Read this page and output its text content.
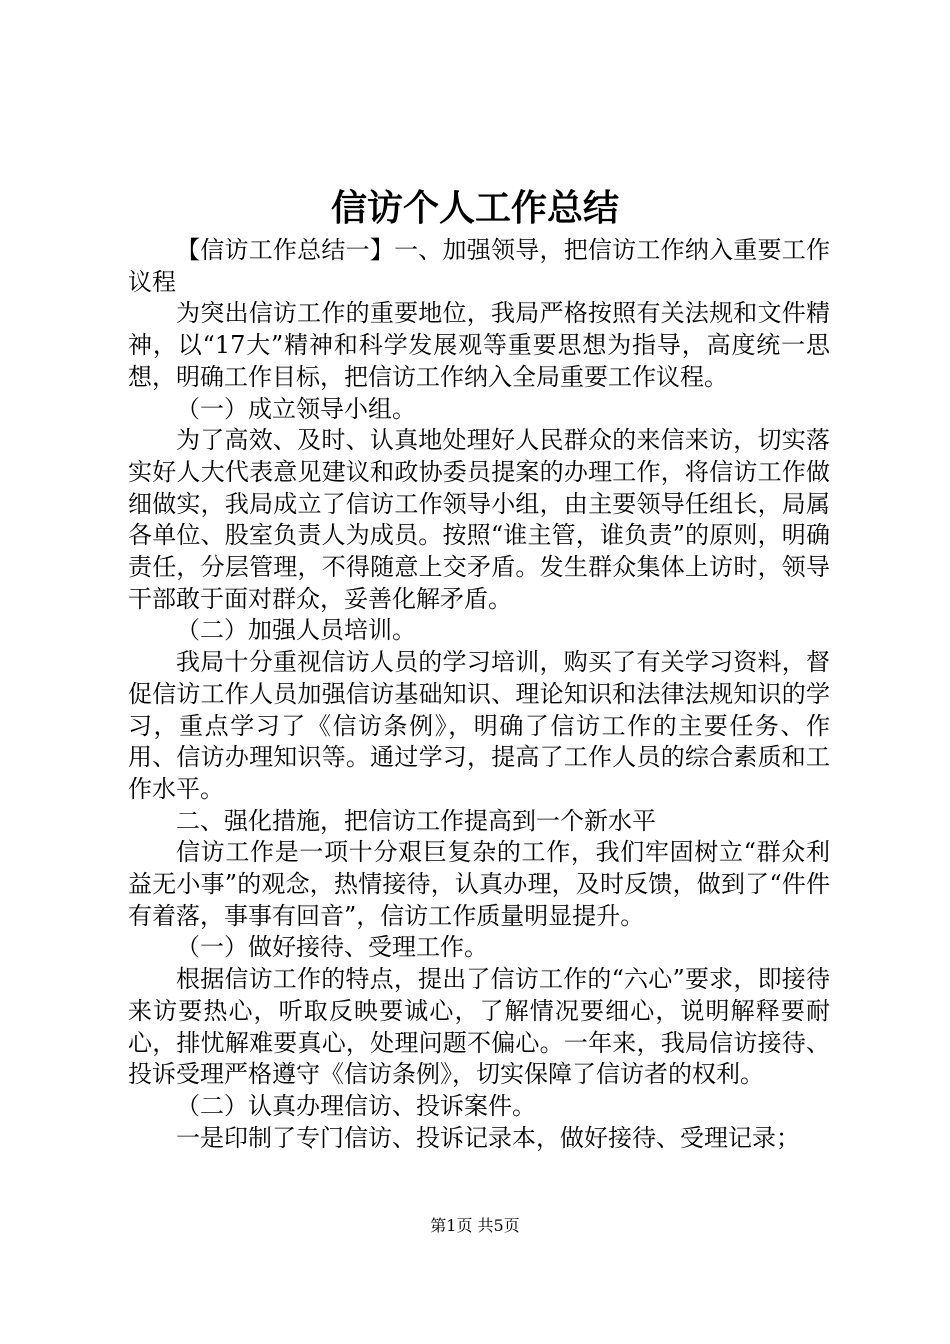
信访个人工作总结

【信访工作总结一】一、加强领导，把信访工作纳入重要工作议程

为突出信访工作的重要地位，我局严格按照有关法规和文件精神，以“17大”精神和科学发展观等重要思想为指导，高度统一思想，明确工作目标，把信访工作纳入全局重要工作议程。

（一）成立领导小组。

为了高效、及时、认真地处理好人民群众的来信来访，切实落实好人大代表意见建议和政协委员提案的办理工作，将信访工作做细做实，我局成立了信访工作领导小组，由主要领导任组长，局属各单位、股室负责人为成员。按照“谁主管，谁负责”的原则，明确责任，分层管理，不得随意上交矛盾。发生群众集体上访时，领导干部敢于面对群众，妥善化解矛盾。

（二）加强人员培训。

我局十分重视信访人员的学习培训，购买了有关学习资料，督促信访工作人员加强信访基础知识、理论知识和法律法规知识的学习，重点学习了《信访条例》，明确了信访工作的主要任务、作用、信访办理知识等。通过学习，提高了工作人员的综合素质和工作水平。

二、强化措施，把信访工作提高到一个新水平

信访工作是一项十分艰巨复杂的工作，我们牢固树立“群众利益无小事”的观念，热情接待，认真办理，及时反馈，做到了“件件有着落，事事有回音”，信访工作质量明显提升。

（一）做好接待、受理工作。

根据信访工作的特点，提出了信访工作的“六心”要求，即接待来访要热心，听取反映要诚心，了解情况要细心，说明解释要耐心，排忧解难要真心，处理问题不偏心。一年来，我局信访接待、投诉受理严格遵守《信访条例》，切实保障了信访者的权利。

（二）认真办理信访、投诉案件。

一是印制了专门信访、投诉记录本，做好接待、受理记录；

第1页 共5页
